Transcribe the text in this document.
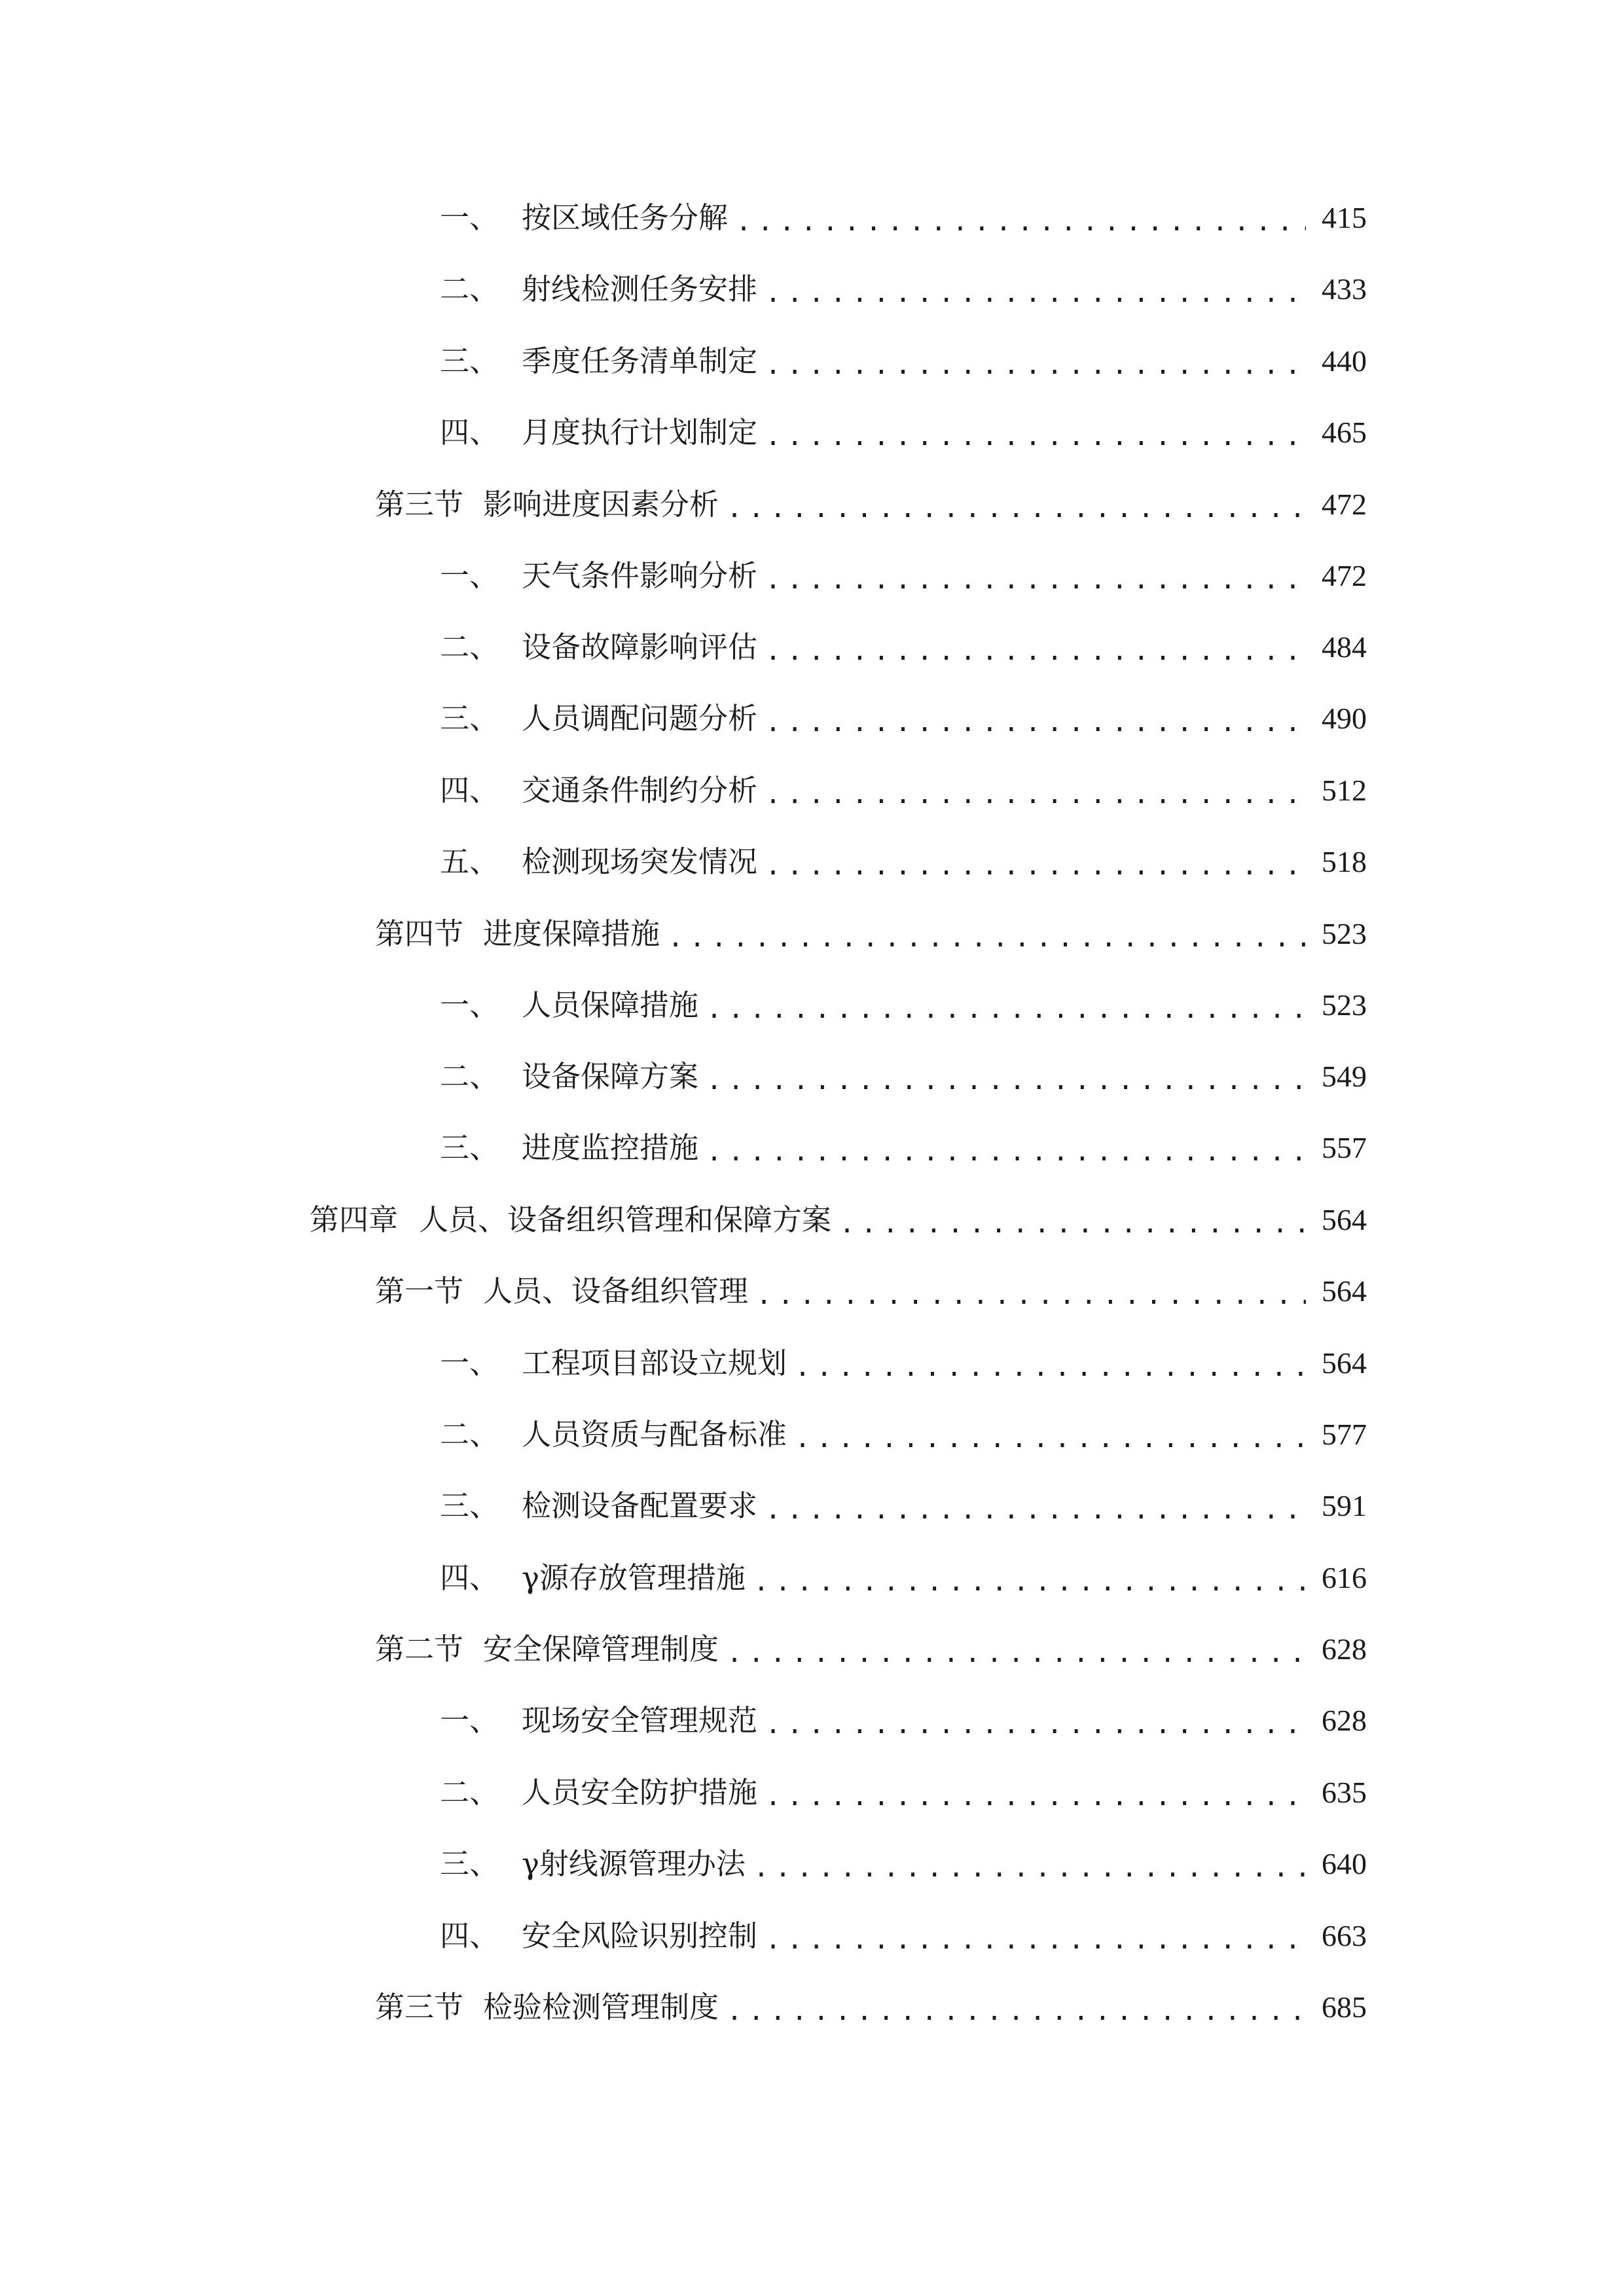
一、 按区域任务分解 .....	415
二、 射线检测任务安排 .....	433
三、 季度任务清单制定 .....	440
四、 月度执行计划制定 .....	465
第三节 影响进度因素分析 .....	472
一、 天气条件影响分析 .....	472
二、 设备故障影响评估 .....	484
三、 人员调配问题分析 .....	490
四、 交通条件制约分析 .....	512
五、 检测现场突发情况 .....	518
第四节 进度保障措施 .....	523
一、 人员保障措施 .....	523
二、 设备保障方案 .....	549
三、 进度监控措施 .....	557
第四章 人员、设备组织管理和保障方案 .....	564
第一节 人员、设备组织管理 .....	564
一、 工程项目部设立规划 .....	564
二、 人员资质与配备标准 .....	577
三、 检测设备配置要求 .....	591
四、 γ源存放管理措施 .....	616
第二节 安全保障管理制度 .....	628
一、 现场安全管理规范 .....	628
二、 人员安全防护措施 .....	635
三、 γ射线源管理办法 .....	640
四、 安全风险识别控制 .....	663
第三节 检验检测管理制度 .....	685
